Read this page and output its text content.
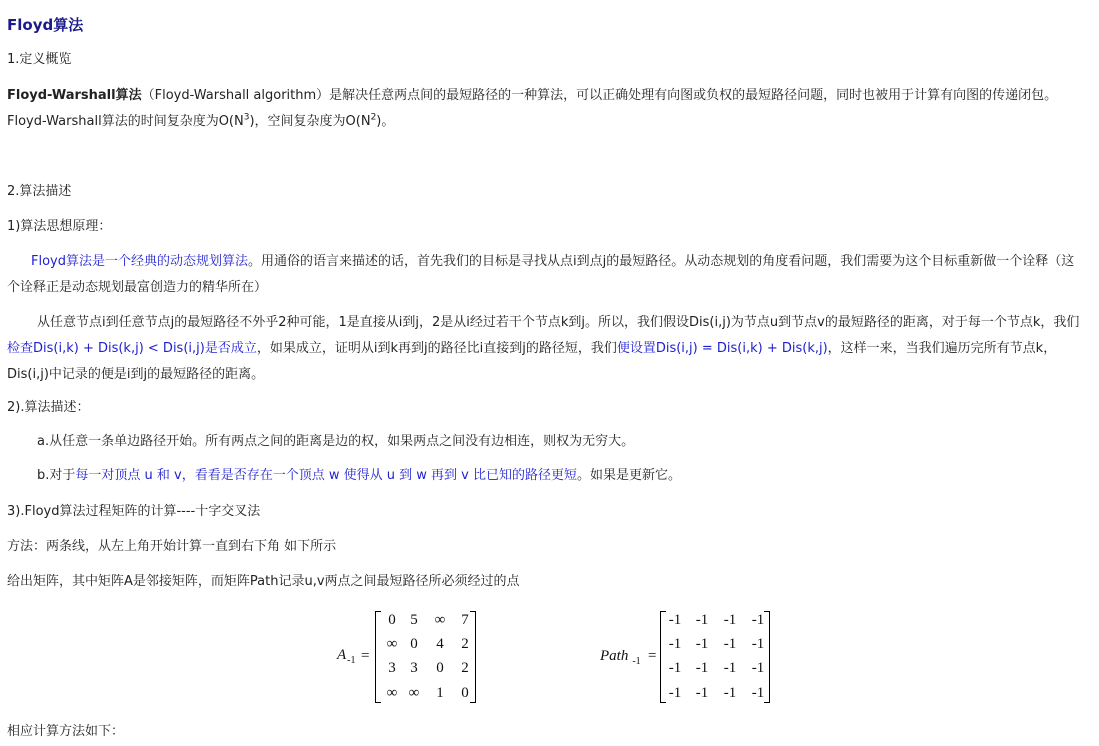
Floyd算法
1.定义概览
Floyd-Warshall算法（Floyd-Warshall algorithm）是解决任意两点间的最短路径的一种算法，可以正确处理有向图或负权的最短路径问题，同时也被用于计算有向图的传递闭包。Floyd-Warshall算法的时间复杂度为$O(N^3)$，空间复杂度为$O(N^2)$。
2.算法描述
1)算法思想原理：
Floyd算法是一个经典的动态规划算法。用通俗的语言来描述的话，首先我们的目标是寻找从点i到点j的最短路径。从动态规划的角度看问题，我们需要为这个目标重新做一个诠释（这个诠释正是动态规划最富创造力的精华所在）
从任意节点i到任意节点j的最短路径不外乎2种可能，1是直接从i到j，2是从i经过若干个节点k到j。所以，我们假设Dis(i,j)为节点u到节点v的最短路径的距离，对于每一个节点k，我们检查Dis(i,k) + Dis(k,j) < Dis(i,j)是否成立，如果成立，证明从i到k再到j的路径比i直接到j的路径短，我们便设置Dis(i,j) = Dis(i,k) + Dis(k,j)，这样一来，当我们遍历完所有节点k，Dis(i,j)中记录的便是i到j的最短路径的距离。
2).算法描述：
a.从任意一条单边路径开始。所有两点之间的距离是边的权，如果两点之间没有边相连，则权为无穷大。
b.对于每一对顶点 u 和 v，看看是否存在一个顶点 w 使得从 u 到 w 再到 v 比已知的路径更短。如果是更新它。
3).Floyd算法过程矩阵的计算----十字交叉法
方法：两条线，从左上角开始计算一直到右下角 如下所示
给出矩阵，其中矩阵A是邻接矩阵，而矩阵Path记录u,v两点之间最短路径所必须经过的点
$A_{-1}$ =
0 5	∞	7
∞ 0	4	2
3 3	0	2
∞ ∞	1	0
Path $_{-1}$ =
-1 -1	-1	-1
-1 -1	-1	-1
-1 -1	-1	-1
-1 -1	-1	-1
相应计算方法如下：
